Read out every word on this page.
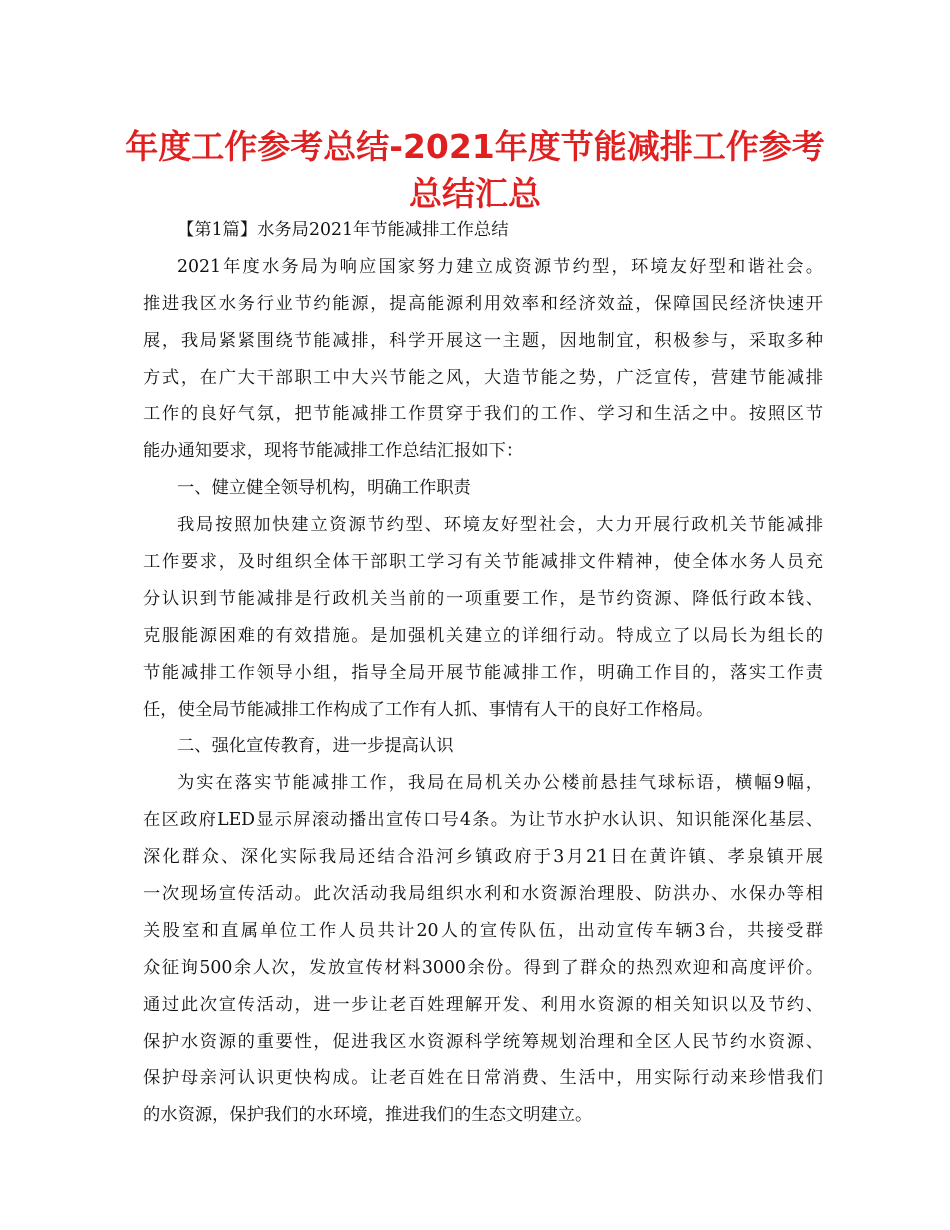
年度工作参考总结-2021年度节能减排工作参考
总结汇总
【第1篇】水务局2021年节能减排工作总结
2021年度水务局为响应国家努力建立成资源节约型，环境友好型和谐社会。
推进我区水务行业节约能源，提高能源利用效率和经济效益，保障国民经济快速开
展，我局紧紧围绕节能减排，科学开展这一主题，因地制宜，积极参与，采取多种
方式，在广大干部职工中大兴节能之风，大造节能之势，广泛宣传，营建节能减排
工作的良好气氛，把节能减排工作贯穿于我们的工作、学习和生活之中。按照区节
能办通知要求，现将节能减排工作总结汇报如下：
一、健立健全领导机构，明确工作职责
我局按照加快建立资源节约型、环境友好型社会，大力开展行政机关节能减排
工作要求，及时组织全体干部职工学习有关节能减排文件精神，使全体水务人员充
分认识到节能减排是行政机关当前的一项重要工作，是节约资源、降低行政本钱、
克服能源困难的有效措施。是加强机关建立的详细行动。特成立了以局长为组长的
节能减排工作领导小组，指导全局开展节能减排工作，明确工作目的，落实工作责
任，使全局节能减排工作构成了工作有人抓、事情有人干的良好工作格局。
二、强化宣传教育，进一步提高认识
为实在落实节能减排工作，我局在局机关办公楼前悬挂气球标语，横幅9幅，
在区政府LED显示屏滚动播出宣传口号4条。为让节水护水认识、知识能深化基层、
深化群众、深化实际我局还结合沿河乡镇政府于3月21日在黄许镇、孝泉镇开展
一次现场宣传活动。此次活动我局组织水利和水资源治理股、防洪办、水保办等相
关股室和直属单位工作人员共计20人的宣传队伍，出动宣传车辆3台，共接受群
众征询500余人次，发放宣传材料3000余份。得到了群众的热烈欢迎和高度评价。
通过此次宣传活动，进一步让老百姓理解开发、利用水资源的相关知识以及节约、
保护水资源的重要性，促进我区水资源科学统筹规划治理和全区人民节约水资源、
保护母亲河认识更快构成。让老百姓在日常消费、生活中，用实际行动来珍惜我们
的水资源，保护我们的水环境，推进我们的生态文明建立。
